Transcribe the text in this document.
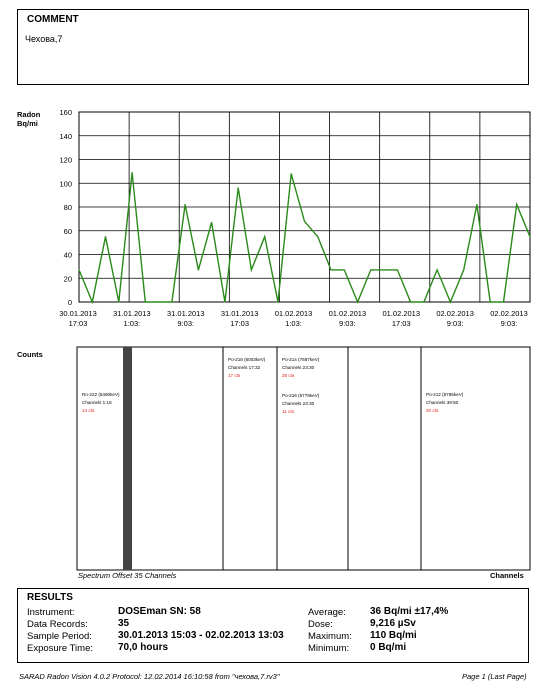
COMMENT
Чехова,7
Radon
Bq/mi
0
20
40
60
80
100
120
140
160
30.01.2013
17:03
31.01.2013
1:03:
31.01.2013
9:03:
31.01.2013
17:03
01.02.2013
1:03:
01.02.2013
9:03:
01.02.2013
17:03
02.02.2013
9:03:
02.02.2013
9:03:
Counts
Rn-222 (5490keV)
Channels 1:16
14 cts
Po-218 (6003keV)
Channels 17:32
17 cts
Po-214 (7687keV)
Channels 23:30
26 cts
Po-216 (6779keV)
Channels 23:30
11 cts
Po-212 (8785keV)
Channels 39:50
20 cts
Spectrum Offset 35 Channels	Channels
RESULTS
Instrument:	DOSEman SN: 58
Data Records:	35
Sample Period:	30.01.2013 15:03 - 02.02.2013 13:03
Exposure Time:	70,0 hours
Average: 36 Bq/mi ±17,4%
Dose:	9,216 µSv
Maximum: 110 Bq/mi
Minimum: 0 Bq/mi
SARAD Radon Vision 4.0.2 Protocol: 12.02.2014 16:10:58 from "чехова,7.rv3"	Page 1 (Last Page)
